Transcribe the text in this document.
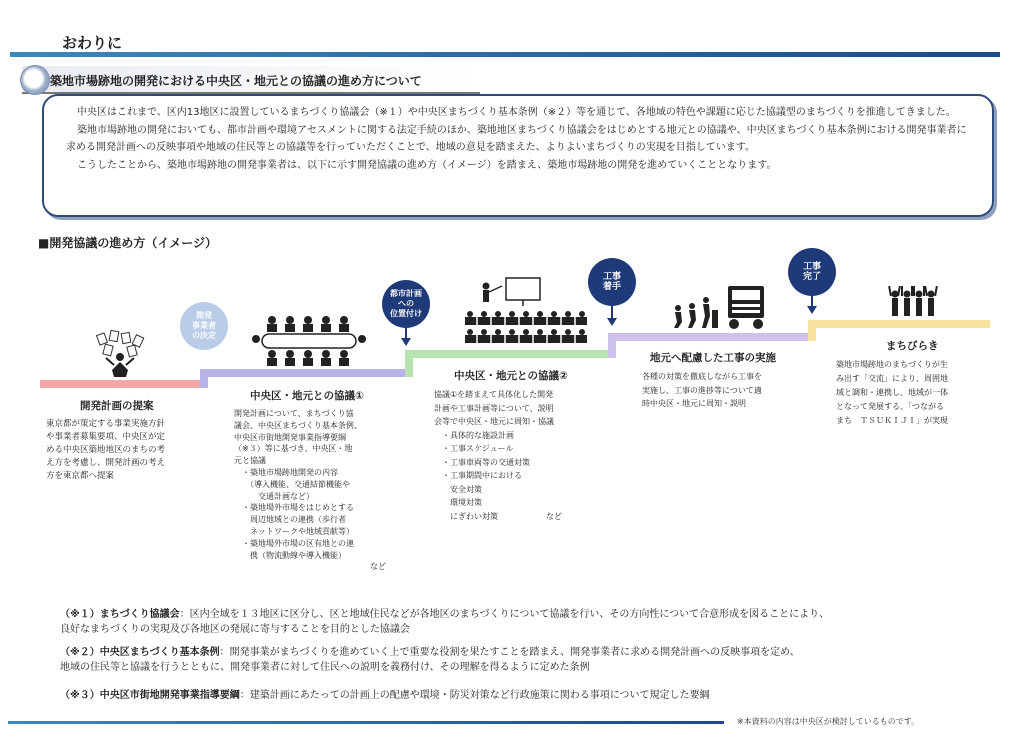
おわりに
築地市場跡地の開発における中央区・地元との協議の進め方について

中央区はこれまで、区内13地区に設置しているまちづくり協議会（※１）や中央区まちづくり基本条例（※２）等を通じて、各地域の特色や課題に応じた協議型のまちづくりを推進してきました。

築地市場跡地の開発においても、都市計画や環境アセスメントに関する法定手続のほか、築地地区まちづくり協議会をはじめとする地元との協議や、中央区まちづくり基本条例における開発事業者に求める開発計画への反映事項や地域の住民等との協議等を行っていただくことで、地域の意見を踏まえた、よりよいまちづくりの実現を目指しています。

こうしたことから、築地市場跡地の開発事業者は、以下に示す開発協議の進め方（イメージ）を踏まえ、築地市場跡地の開発を進めていくこととなります。

■開発協議の進め方（イメージ）
開発
事業者
の決定
都市計画
への
位置付け
工事
着手
工事
完了
開発計画の提案
東京都が策定する事業実施方針
や事業者募集要項、中央区が定
める中央区築地地区のまちの考
え方を考慮し、開発計画の考え
方を東京都へ提案
中央区・地元との協議①
開発計画について、まちづくり協
議会、中央区まちづくり基本条例、
中央区市街地開発事業指導要綱
（※３）等に基づき、中央区・地
元と協議
　・築地市場跡地開発の内容
　　（導入機能、交通結節機能や
　　　交通計画など）
　・築地場外市場をはじめとする
　　周辺地域との連携（歩行者
　　ネットワークや地域貢献等）
　・築地場外市場の区有地との連
　　携（物流動線や導入機能）
　　　　　　　　　　　　　　　　　など
中央区・地元との協議②
協議①を踏まえて具体化した開発
計画や工事計画等について、説明
会等で中央区・地元に周知・協議
　・具体的な施設計画
　・工事スケジュール
　・工事車両等の交通対策
　・工事期間中における
　　安全対策
　　環境対策
　　にぎわい対策　　　　　　など
地元へ配慮した工事の実施
各種の対策を徹底しながら工事を
実施し、工事の進捗等について適
時中央区・地元に周知・説明
まちびらき
築地市場跡地のまちづくりが生
み出す「交流」により、周囲地
域と調和・連携し、地域が一体
となって発展する、「つながる
まち　ＴＳＵＫＩＪＩ」が実現
（※１）まちづくり協議会：区内全域を１３地区に区分し、区と地域住民などが各地区のまちづくりについて協議を行い、その方向性について合意形成を図ることにより、
良好なまちづくりの実現及び各地区の発展に寄与することを目的とした協議会
（※２）中央区まちづくり基本条例：開発事業がまちづくりを進めていく上で重要な役割を果たすことを踏まえ、開発事業者に求める開発計画への反映事項を定め、
地域の住民等と協議を行うとともに、開発事業者に対して住民への説明を義務付け、その理解を得るように定めた条例
（※３）中央区市街地開発事業指導要綱：建築計画にあたっての計画上の配慮や環境・防災対策など行政施策に関わる事項について規定した要綱
※本資料の内容は中央区が検討しているものです。
